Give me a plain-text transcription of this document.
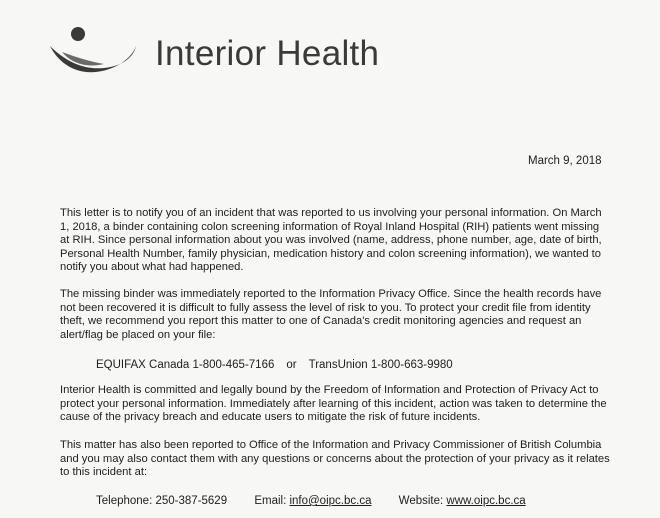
Interior Health
March 9, 2018

This letter is to notify you of an incident that was reported to us involving your personal information. On March 1, 2018, a binder containing colon screening information of Royal Inland Hospital (RIH) patients went missing at RIH. Since personal information about you was involved (name, address, phone number, age, date of birth, Personal Health Number, family physician, medication history and colon screening information), we wanted to notify you about what had happened.

The missing binder was immediately reported to the Information Privacy Office. Since the health records have not been recovered it is difficult to fully assess the level of risk to you. To protect your credit file from identity theft, we recommend you report this matter to one of Canada's credit monitoring agencies and request an alert/flag be placed on your file:

EQUIFAX Canada 1-800-465-7166 or TransUnion 1-800-663-9980

Interior Health is committed and legally bound by the Freedom of Information and Protection of Privacy Act to protect your personal information. Immediately after learning of this incident, action was taken to determine the cause of the privacy breach and educate users to mitigate the risk of future incidents.

This matter has also been reported to Office of the Information and Privacy Commissioner of British Columbia and you may also contact them with any questions or concerns about the protection of your privacy as it relates to this incident at:

Telephone: 250-387-5629 Email: info@oipc.bc.ca Website: www.oipc.bc.ca
